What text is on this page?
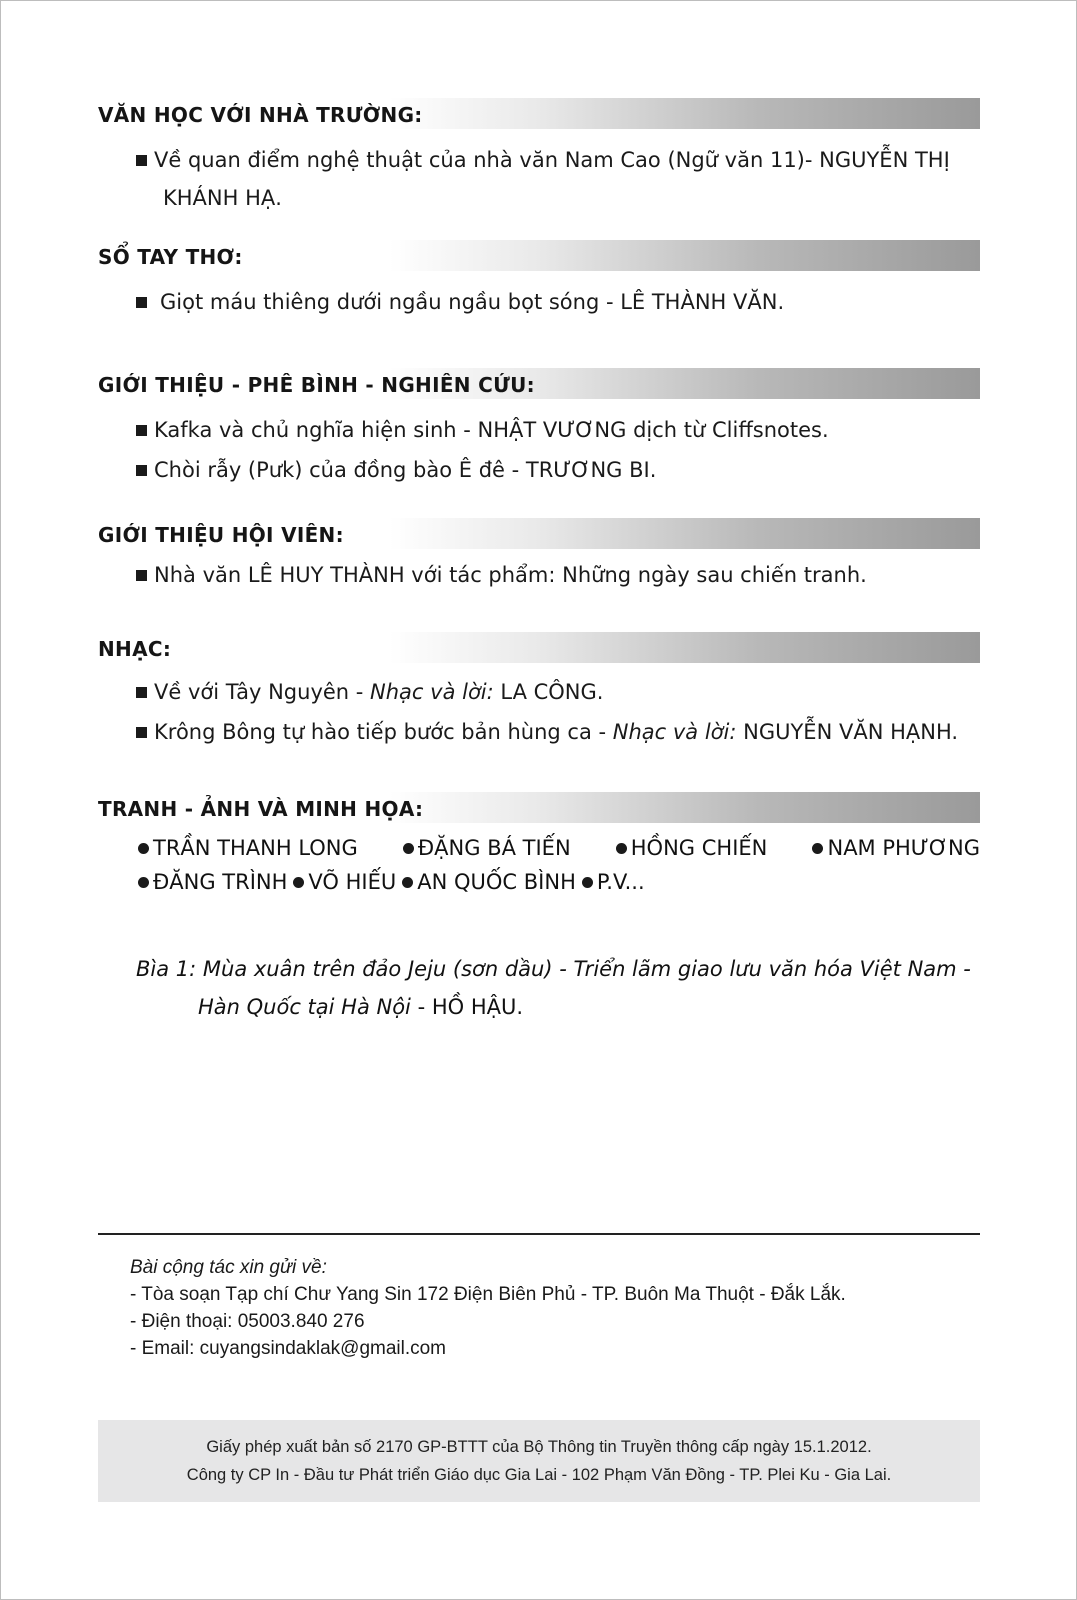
VĂN HỌC VỚI NHÀ TRƯỜNG:
Về quan điểm nghệ thuật của nhà văn Nam Cao (Ngữ văn 11)- NGUYỄN THỊ
KHÁNH HẠ.
SỔ TAY THƠ:
Giọt máu thiêng dưới ngầu ngầu bọt sóng - LÊ THÀNH VĂN.
GIỚI THIỆU - PHÊ BÌNH - NGHIÊN CỨU:
Kafka và chủ nghĩa hiện sinh - NHẬT VƯƠNG dịch từ Cliffsnotes.
Chòi rẫy (Pưk) của đồng bào Ê đê - TRƯƠNG BI.
GIỚI THIỆU HỘI VIÊN:
Nhà văn LÊ HUY THÀNH với tác phẩm: Những ngày sau chiến tranh.
NHẠC:
Về với Tây Nguyên - Nhạc và lời: LA CÔNG.
Krông Bông tự hào tiếp bước bản hùng ca - Nhạc và lời: NGUYỄN VĂN HẠNH.
TRANH - ẢNH VÀ MINH HỌA:
TRẦN THANH LONG	ĐẶNG BÁ TIẾN	HỒNG CHIẾN	NAM PHƯƠNG
ĐĂNG TRÌNH VÕ HIẾU AN QUỐC BÌNH P.V...
Bìa 1: Mùa xuân trên đảo Jeju (sơn dầu) - Triển lãm giao lưu văn hóa Việt Nam -
Hàn Quốc tại Hà Nội - HỒ HẬU.
Bài cộng tác xin gửi về:
- Tòa soạn Tạp chí Chư Yang Sin 172 Điện Biên Phủ - TP. Buôn Ma Thuột - Đắk Lắk.
- Điện thoại: 05003.840 276
- Email: cuyangsindaklak@gmail.com
Giấy phép xuất bản số 2170 GP-BTTT của Bộ Thông tin Truyền thông cấp ngày 15.1.2012.
Công ty CP In - Đầu tư Phát triển Giáo dục Gia Lai - 102 Phạm Văn Đồng - TP. Plei Ku - Gia Lai.
